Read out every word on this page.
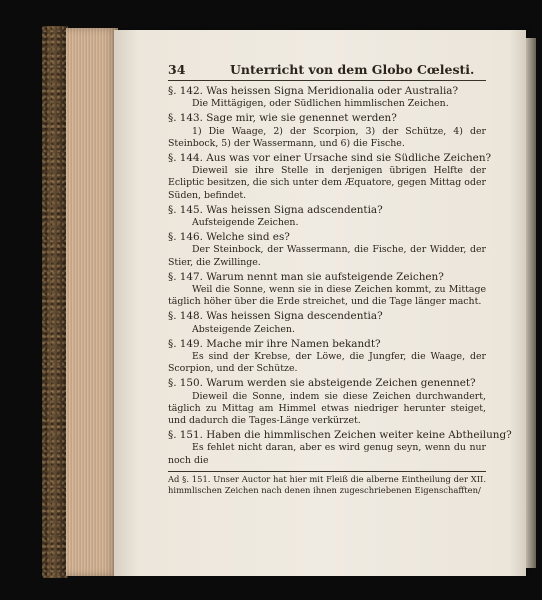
34	Unterricht von dem Globo Cœlesti.
§. 142. Was heissen Signa Meridionalia oder Australia?

Die Mittägigen, oder Südlichen himmlischen Zeichen.

§. 143. Sage mir, wie sie genennet werden?

1) Die Waage, 2) der Scorpion, 3) der Schütze, 4) der Steinbock, 5) der Wassermann, und 6) die Fische.

§. 144. Aus was vor einer Ursache sind sie Südliche Zeichen?

Dieweil sie ihre Stelle in derjenigen übrigen Helfte der Ecliptic besitzen, die sich unter dem Æquatore, gegen Mittag oder Süden, befindet.

§. 145. Was heissen Signa adscendentia?

Aufsteigende Zeichen.

§. 146. Welche sind es?

Der Steinbock, der Wassermann, die Fische, der Widder, der Stier, die Zwillinge.

§. 147. Warum nennt man sie aufsteigende Zeichen?

Weil die Sonne, wenn sie in diese Zeichen kommt, zu Mittage täglich höher über die Erde streichet, und die Tage länger macht.

§. 148. Was heissen Signa descendentia?

Absteigende Zeichen.

§. 149. Mache mir ihre Namen bekandt?

Es sind der Krebse, der Löwe, die Jungfer, die Waage, der Scorpion, und der Schütze.

§. 150. Warum werden sie absteigende Zeichen genennet?

Dieweil die Sonne, indem sie diese Zeichen durchwandert, täglich zu Mittag am Himmel etwas niedriger herunter steiget, und dadurch die Tages-Länge verkürzet.

§. 151. Haben die himmlischen Zeichen weiter keine Abtheilung?

Es fehlet nicht daran, aber es wird genug seyn, wenn du nur noch die

Ad §. 151. Unser Auctor hat hier mit Fleiß die alberne Eintheilung der XII. himmlischen Zeichen nach denen ihnen zugeschriebenen Eigenschafften/
